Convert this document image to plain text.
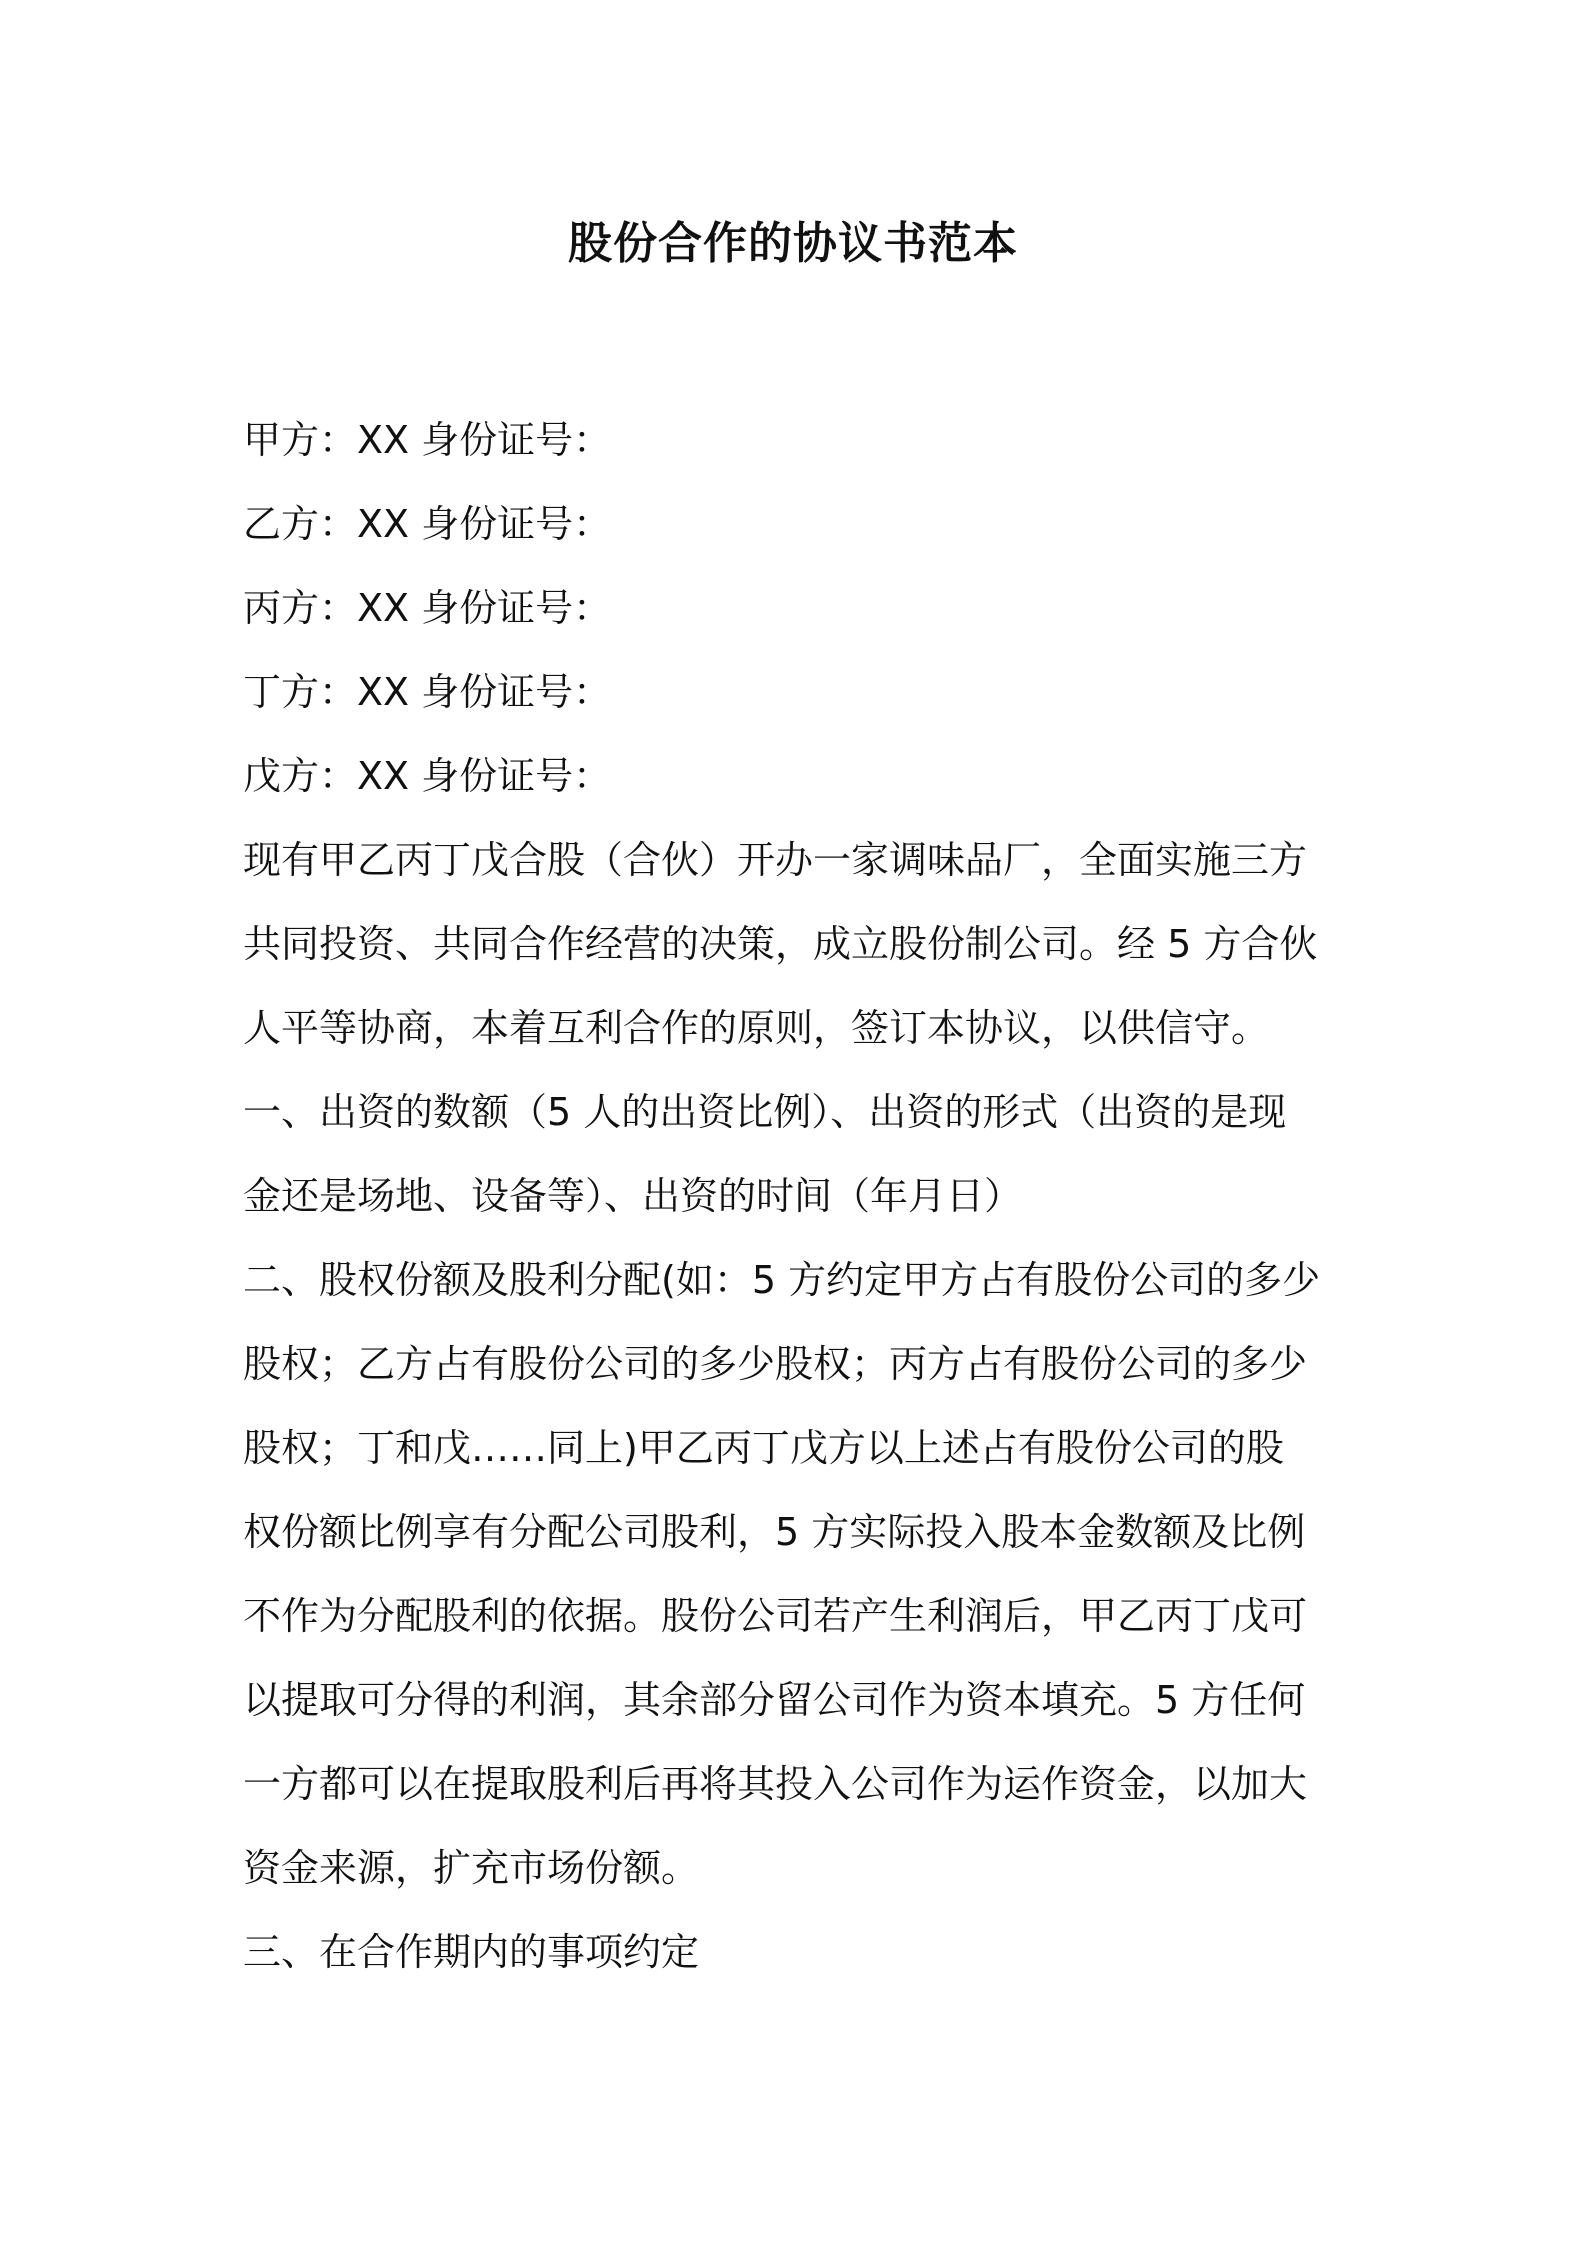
股份合作的协议书范本
甲方：XX 身份证号：
乙方：XX 身份证号：
丙方：XX 身份证号：
丁方：XX 身份证号：
戊方：XX 身份证号：
现有甲乙丙丁戊合股（合伙）开办一家调味品厂，全面实施三方
共同投资、共同合作经营的决策，成立股份制公司。经 5 方合伙
人平等协商，本着互利合作的原则，签订本协议，以供信守。
一、出资的数额（5 人的出资比例）、出资的形式（出资的是现
金还是场地、设备等）、出资的时间（年月日）
二、股权份额及股利分配(如：5 方约定甲方占有股份公司的多少
股权；乙方占有股份公司的多少股权；丙方占有股份公司的多少
股权；丁和戊……同上)甲乙丙丁戊方以上述占有股份公司的股
权份额比例享有分配公司股利，5 方实际投入股本金数额及比例
不作为分配股利的依据。股份公司若产生利润后，甲乙丙丁戊可
以提取可分得的利润，其余部分留公司作为资本填充。5 方任何
一方都可以在提取股利后再将其投入公司作为运作资金，以加大
资金来源，扩充市场份额。
三、在合作期内的事项约定
